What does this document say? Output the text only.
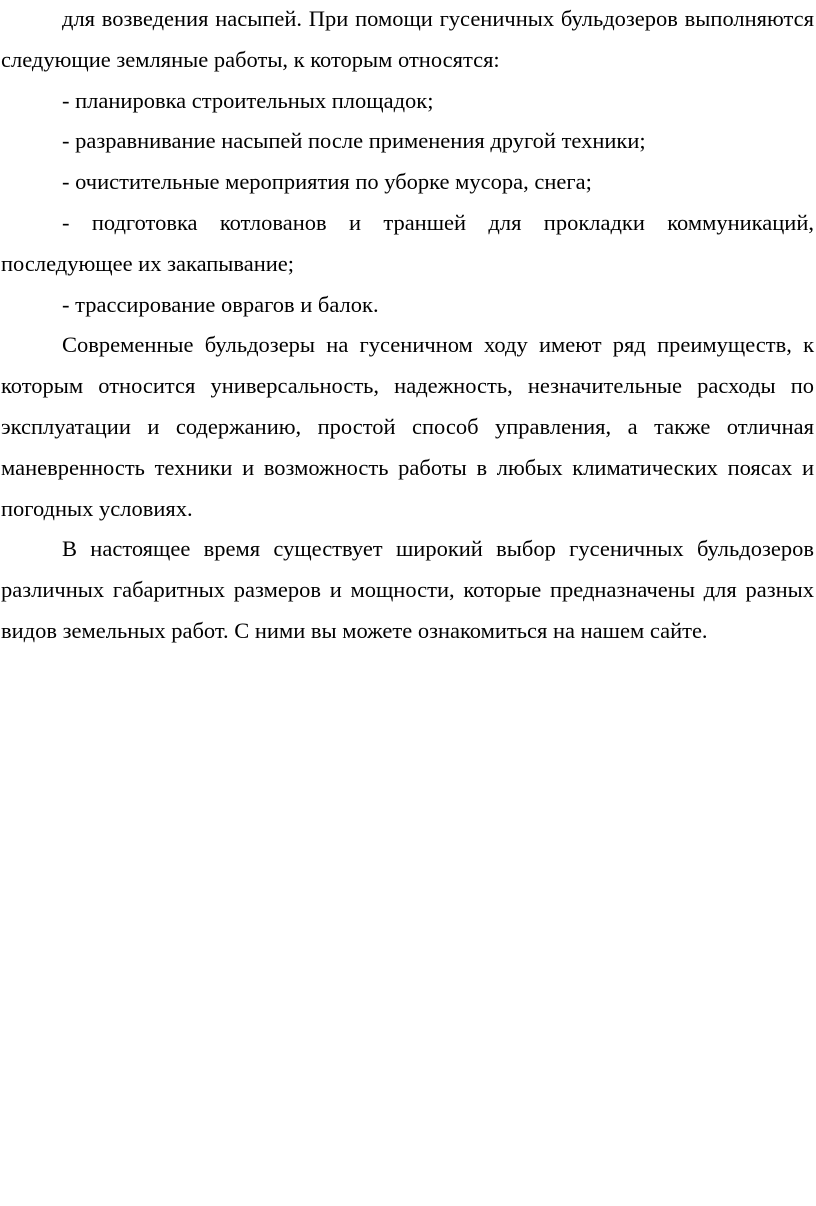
для возведения насыпей. При помощи гусеничных бульдозеров выполняются следующие земляные работы, к которым относятся:

- планировка строительных площадок;

- разравнивание насыпей после применения другой техники;

- очистительные мероприятия по уборке мусора, снега;

- подготовка котлованов и траншей для прокладки коммуникаций, последующее их закапывание;

- трассирование оврагов и балок.

Современные бульдозеры на гусеничном ходу имеют ряд преимуществ, к которым относится универсальность, надежность, незначительные расходы по эксплуатации и содержанию, простой способ управления, а также отличная маневренность техники и возможность работы в любых климатических поясах и погодных условиях.

В настоящее время существует широкий выбор гусеничных бульдозеров различных габаритных размеров и мощности, которые предназначены для разных видов земельных работ. С ними вы можете ознакомиться на нашем сайте.
